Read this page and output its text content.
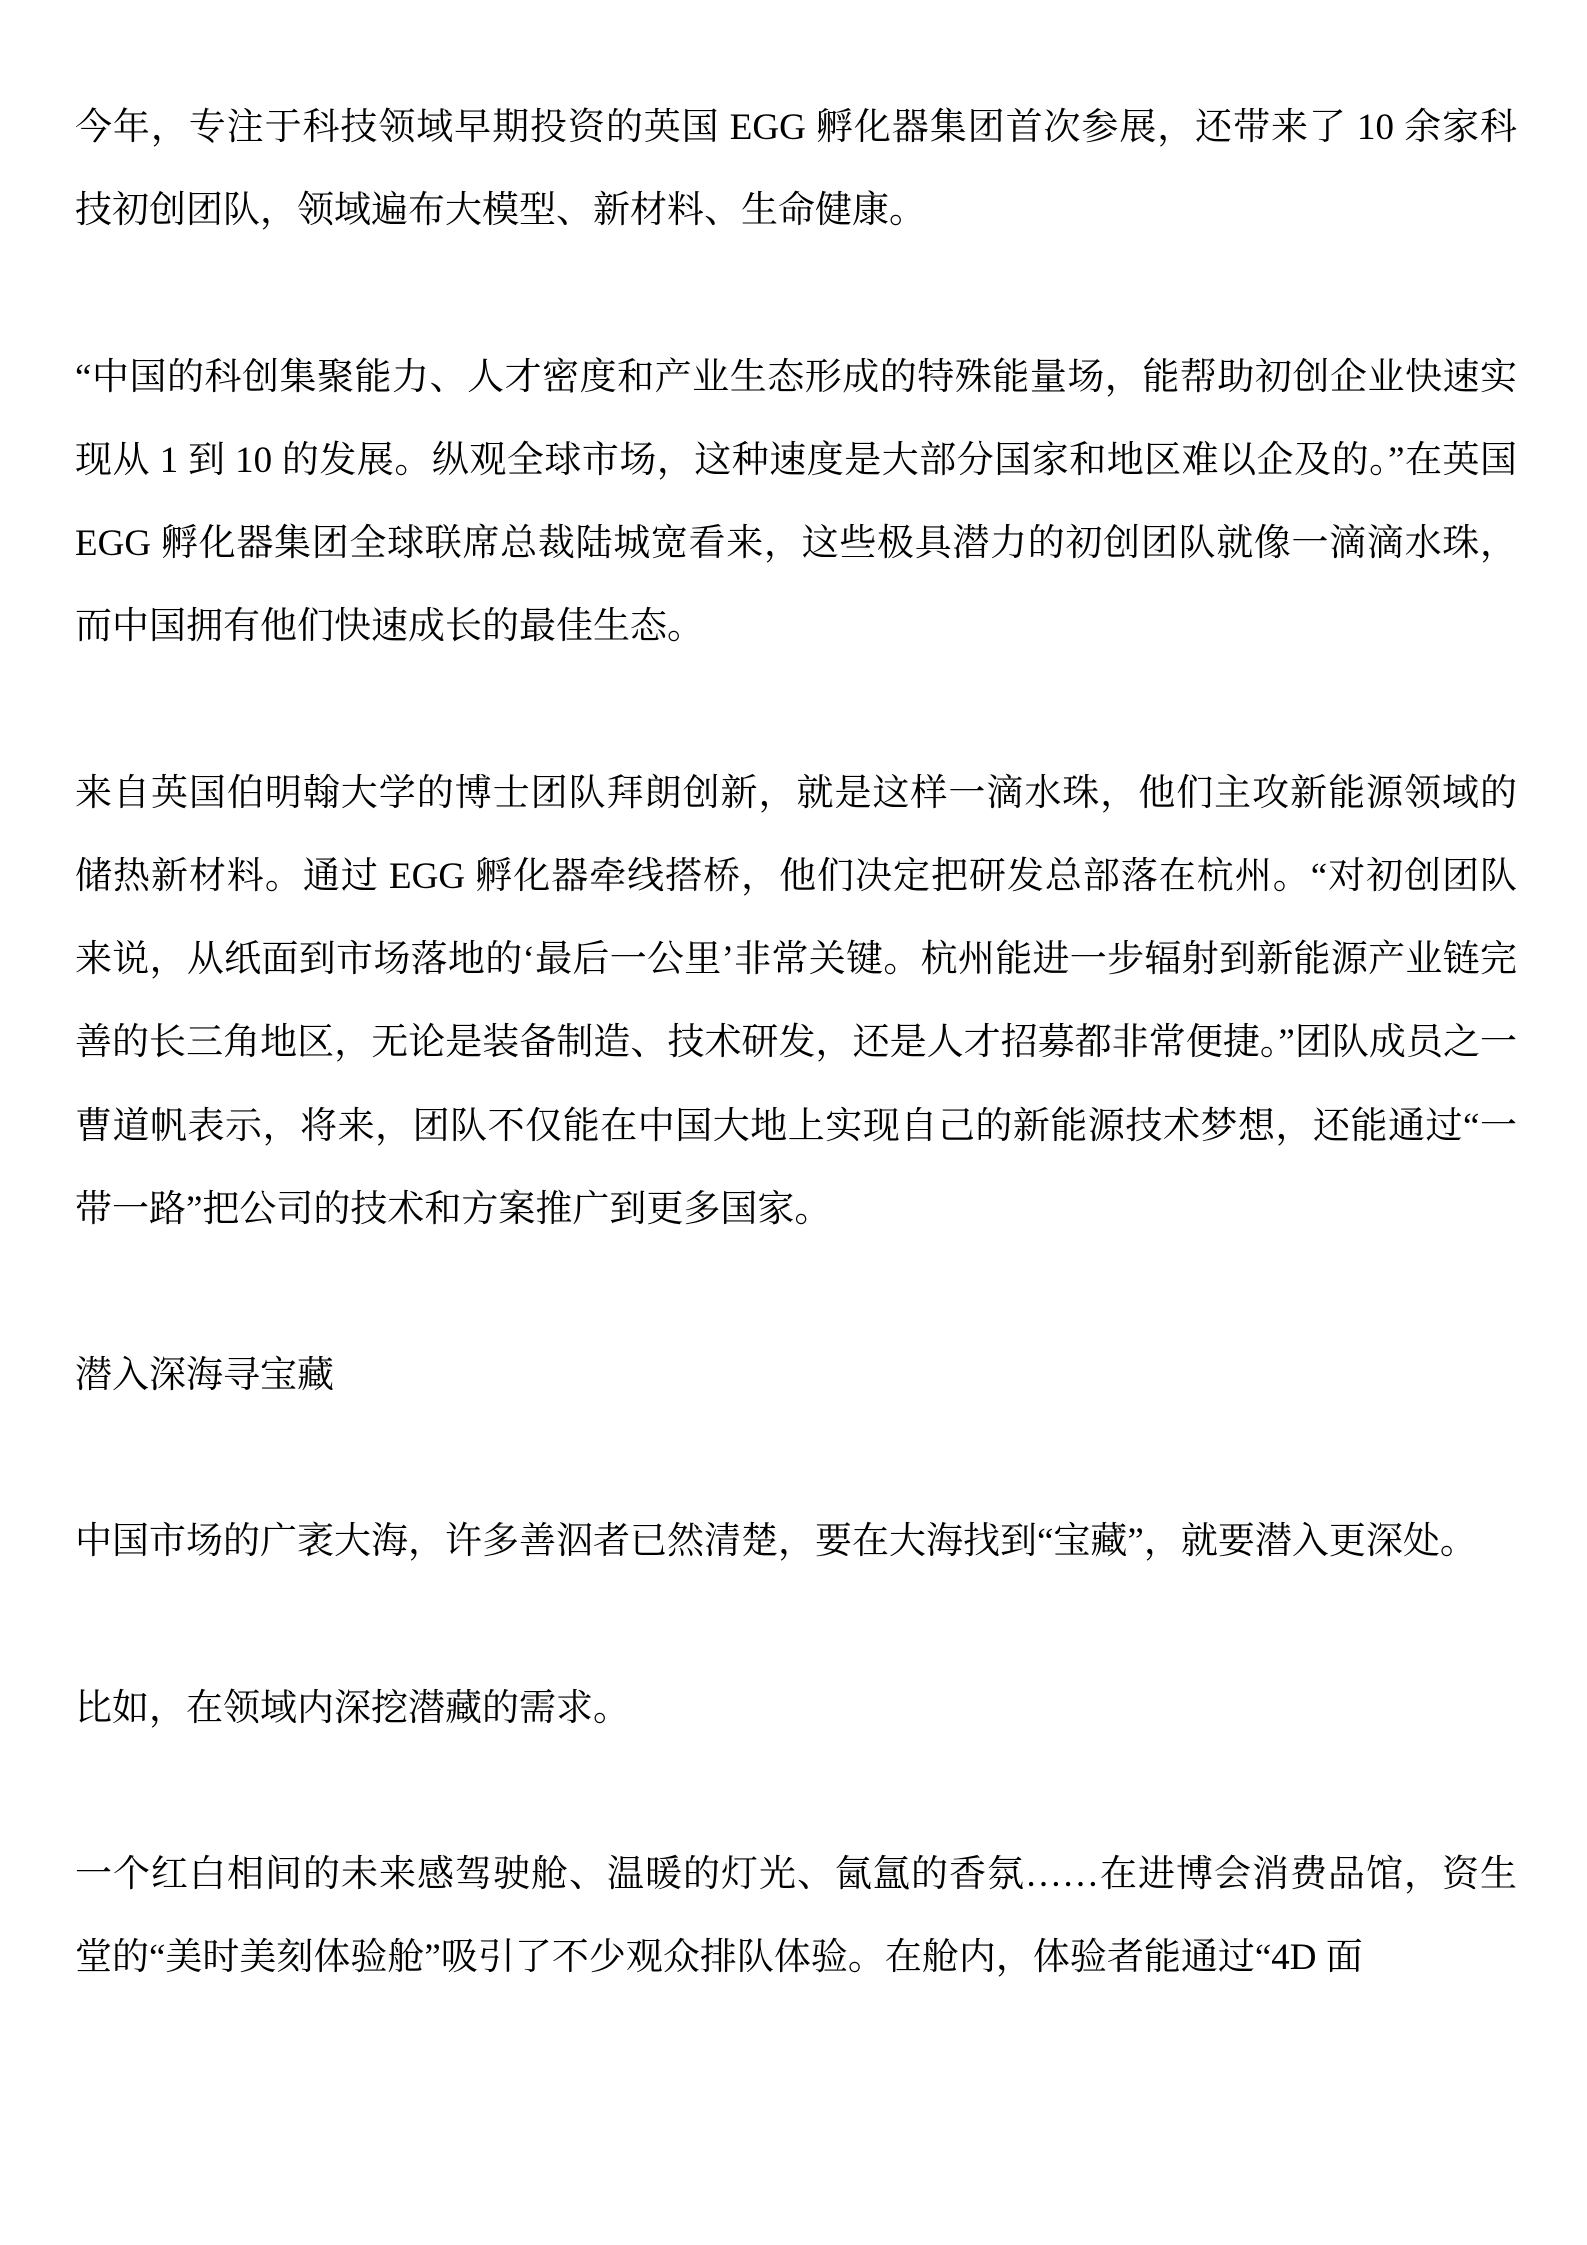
今年，专注于科技领域早期投资的英国 EGG 孵化器集团首次参展，还带来了 10 余家科技初创团队，领域遍布大模型、新材料、生命健康。

“中国的科创集聚能力、人才密度和产业生态形成的特殊能量场，能帮助初创企业快速实现从 1 到 10 的发展。纵观全球市场，这种速度是大部分国家和地区难以企及的。”在英国 EGG 孵化器集团全球联席总裁陆城宽看来，这些极具潜力的初创团队就像一滴滴水珠，而中国拥有他们快速成长的最佳生态。

来自英国伯明翰大学的博士团队拜朗创新，就是这样一滴水珠，他们主攻新能源领域的储热新材料。通过 EGG 孵化器牵线搭桥，他们决定把研发总部落在杭州。“对初创团队来说，从纸面到市场落地的‘最后一公里’非常关键。杭州能进一步辐射到新能源产业链完善的长三角地区，无论是装备制造、技术研发，还是人才招募都非常便捷。”团队成员之一曹道帆表示，将来，团队不仅能在中国大地上实现自己的新能源技术梦想，还能通过“一带一路”把公司的技术和方案推广到更多国家。

潜入深海寻宝藏

中国市场的广袤大海，许多善泅者已然清楚，要在大海找到“宝藏”，就要潜入更深处。

比如，在领域内深挖潜藏的需求。

一个红白相间的未来感驾驶舱、温暖的灯光、氤氲的香氛……在进博会消费品馆，资生堂的“美时美刻体验舱”吸引了不少观众排队体验。在舱内，体验者能通过“4D 面
